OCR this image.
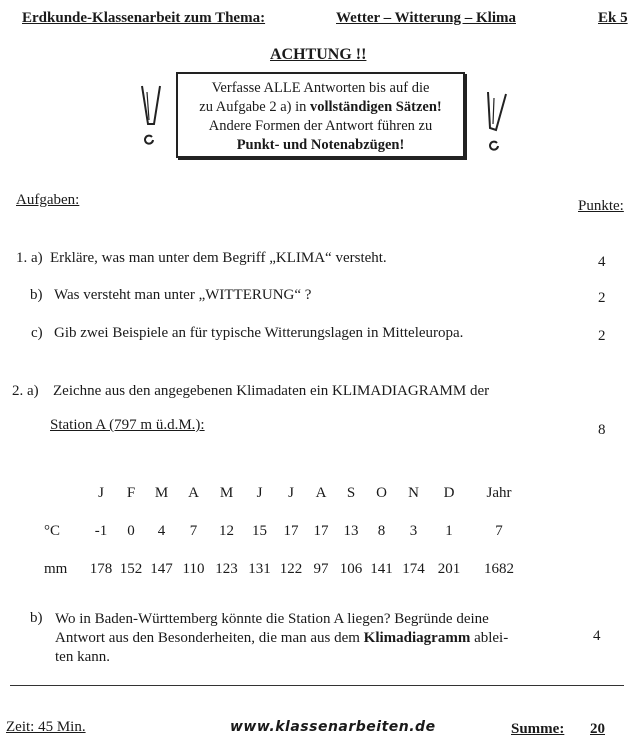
Erdkunde-Klassenarbeit zum Thema:	Wetter – Witterung – Klima	Ek 5
ACHTUNG !!
Verfasse ALLE Antworten bis auf die
zu Aufgabe 2 a) in vollständigen Sätzen!
Andere Formen der Antwort führen zu
Punkt- und Notenabzügen!
Aufgaben:	Punkte:
1. a) Erkläre, was man unter dem Begriff „KLIMA“ versteht.	4
b) Was versteht man unter „WITTERUNG“ ?	2
c) Gib zwei Beispiele an für typische Witterungslagen in Mitteleuropa.	2
2. a) Zeichne aus den angegebenen Klimadaten ein KLIMADIAGRAMM der
Station A (797 m ü.d.M.):	8
	J	F	M	A	M	J	J	A	S	O	N	D	Jahr
°C	-1	0	4	7	12	15	17	17	13	8	3	1	7
mm	178	152	147	110	123	131	122	97	106	141	174	201	1682
b) Wo in Baden-Württemberg könnte die Station A liegen? Begründe deine
Antwort aus den Besonderheiten, die man aus dem Klimadiagramm ablei-
ten kann.
4
Zeit: 45 Min.	www.klassenarbeiten.de	Summe: 20
